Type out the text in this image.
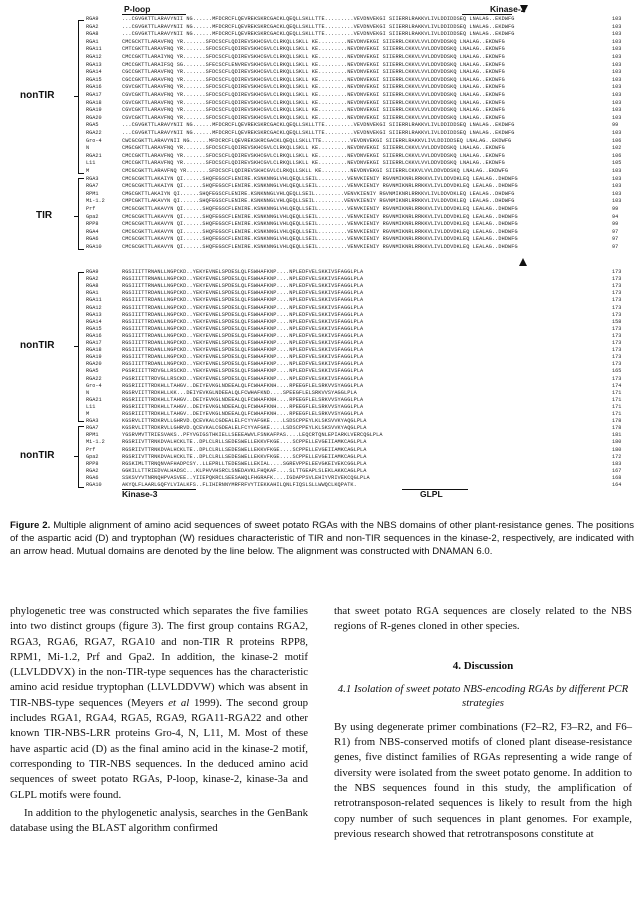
P-loop	Kinase-2
RGA9	...CGVGKTTLARAVYNII NG......MFDCRCFLQEVREKSKRCGACKLQEQLLSKLLTTE.........VEVDNVEKGI SIIERRLRAKKVLIVLDDIDDSEQ LNALAG..EKDWFG	103
RGA2	...CGVGKTTLARAVYNII NG......MFDCRCFLQEVREKSKRCGACKLQEQLLSKLLTTE.........VEVDNVEKGI SIIERRLRAKKVLIVLDDIDDSEQ LNALAG..EKDWFG	103
RGA8	...CGVGKTTLARAVYNII NG......MFDCRCFLQEVREKSKRCGACKLQEQLLSKLLTTE.........VEVDNVEKGI SIIERRLRAKKVLIVLDDIDDSEQ LNALAG..EKDWFG	103
RGA1	CMCGCKTTLARAVFNQ YR.......SFDCSCFLQDIREVSKHCGVLCLRKQLLSKLL KE.........NEVDNVEKGI SIIERRLCKKVLVVLDDVDDSKQ LNALAG..EKDWFG	103
RGA11	CMTCGKTTLARAVFNQ YR.......SFDCSCFLQDIREVSKHCGVLCLRKQLLSKLL KE.........NEVDNVEKGI SIIERRLCKKVLVVLDDVDDSKQ LNALAG..EKDWFG	103
RGA12	CMCCGKTTLARAIYNQ YR.......SFDCSCFLQDIREVSKHCGVLCLRKQLLSKLL KE.........NEVDNVEKGI SIIERRLCKKVLVVLDDVDDSKQ LNALAG..EKDWFG	103
RGA13	CMCCGKTTLARAIFSQ SG.......SFECSCFLENVREVSKHCGVLCLRKQLLSKLL KE.........NEVDNVEKGI SIIERRLCKKVLVVLDDVDDSKQ LNALAG..EKDWFG	103
RGA14	CGCCGKTTLARAVFNQ YR.......SFDCSCFLQDIREVSKHCGVLCLRKQLLSKLL KE.........NEVDNVEKGI SIIERRLCKKVLVVLDDVDDSKQ LNALAG..EKDWFG	103
RGA15	CGCCGKTTLARAVFNQ YR.......SFDCSCFLQDIREVSKHCGVLCLRKQLLSKLL KE.........NEVDNVEKGI SIIERRLCKKVLVVLDDVDDSKQ LNALAG..EKDWFG	103
RGA16	CGVCGKTTLARAVFNQ YR.......SFDCSCFLQDIREVSKHCGVLCLRKQLLSKLL KE.........NEVDNVEKGI SIIERRLCKKVLVVLDDVDDSKQ LNALAG..EKDWFG	103
RGA17	CGVCGKTTLARAVFNQ YR.......SFDCSCFLQDIREVSKHCGVLCLRKQLLSKLL KE.........NEVDNVEKGI SIIERRLCKKVLVVLDDVDDSKQ LNALAG..EKDWFG	103
RGA18	CGVCGKTTLARAVFNQ YR.......SFDCSCFLQDIREVSKHCGVLCLRKQLLSKLL KE.........NEVDNVEKGI SIIERRLCKKVLVVLDDVDDSKQ LNALAG..EKDWFG	103
RGA19	CGVCGKTTLARAVFNQ YR.......SFDCSCFLQDIREVSKHCGVLCLRKQLLSKLL KE.........NEVDNVEKGI SIIERRLCKKVLVVLDDVDDSKQ LNALAG..EKDWFG	103
RGA20	CGVCGKTTLARAVFNQ YR.......SFDCSCFLQDIREVSKHCGVLCLRKQLLSKLL KE.........NEVDNVEKGI SIIERRLCKKVLVVLDDVDDSKQ LNALAG..EKDWFG	103
RGA5	...CGVGKTTLARAVYNII NG......MFDCRCFLQEVREKSKRCGACKLQEQLLSKLLTTE.........VEVDNVEKGI SIIERRLRAKKVLIVLDDIDDSEQ LNALAG..EKDWFG	99
RGA22	...CGVGKTTLARAVYNII NG......MFDCRCFLQEVREKSKRCGACKLQEQLLSKLLTTE.........VEVDNVEKGI SIIERRLRAKKVLIVLDDIDDSEQ LNALAG..EKDWFG	103
Gro-4	CWCGCGKTTLARAVYNII NG......MFDCRCFLQEVREKSKRCGACKLQEQLLSKLLTTE.........VEVDNVEKGI SIIERRLRAKKVLIVLDDIDDSEQ LNALAG..EKDWFG	106
N	CMGCGKTTLARAVFNQ YR.......SFDCSCFLQDIREVSKHCGVLCLRKQLLSKLL KE.........NEVDNVEKGI SIIERRLCKKVLVVLDDVDDSKQ LNALAG..EKDWFG	102
RGA21	CMCCGKTTLARAVFNQ YR.......SFDCSCFLQDIREVSKHCGVLCLRKQLLSKLL KE.........NEVDNVEKGI SIIERRLCKKVLVVLDDVDDSKQ LNALAG..EKDWFG	106
L11	CMCCGKTTLARAVFNQ YR.......SFDCSCFLQDIREVSKHCGVLCLRKQLLSKLL KE.........NEVDNVEKGI SIIERRLCKKVLVVLDDVDDSKQ LNALAG..EKDWFG	105
M	CMCGCGKTTLARAVFNQ YR.......SFDCSCFLQDIREVSKHCGVLCLRKQLLSKLL KE.........NEVDNVEKGI SIIERRLCKKVLVVLDDVDDSKQ LNALAG..EKDWFG	103
RGA3	CMCGCGKTTLAKAIYN QI......SHQFEGSCFLENIRE.KSNKNNGLVHLQEQLLSEIL.........VENVKIENIY RGVNMIKNRLRRKKVLIVLDDVDKLEQ LEALAG..DHDWFG	103
RGA7	CMCGCGKTTLAKAIYN QI......SHQFEGSCFLENIRE.KSNKNNGLVHLQEQLLSEIL.........VENVKIENIY RGVNMIKNRLRRKKVLIVLDDVDKLEQ LEALAG..DHDWFG	103
RPM1	CMGCGKTTLAKAIYN QI......SHQFEGSCFLENIRE.KSNKNNGLVHLQEQLLSEIL.........VENVKIENIY RGVNMIKNRLRRKKVLIVLDDVDKLEQ LEALAG..DHDWFG	103
Mi-1.2	CMPCGKTTLAKAVYN QI......SHQFEGSCFLENIRE.KSNKNNGLVHLQEQLLSEIL.........VENVKIENIY RGVNMIKNRLRRKKVLIVLDDVDKLEQ LEALAG..DHDWFG	103
Prf	CMCGCGKTTLAKAVYN QI......SHQFEGSCFLENIRE.KSNKNNGLVHLQEQLLSEIL.........VENVKIENIY RGVNMIKNRLRRKKVLIVLDDVDKLEQ LEALAG..DHDWFG	99
Gpa2	CMCGCGKTTLAKAVYN QI......SHQFEGSCFLENIRE.KSNKNNGLVHLQEQLLSEIL.........VENVKIENIY RGVNMIKNRLRRKKVLIVLDDVDKLEQ LEALAG..DHDWFG	94
RPP8	CMCGCGKTTLAKAVYN QI......SHQFEGSCFLENIRE.KSNKNNGLVHLQEQLLSEIL.........VENVKIENIY RGVNMIKNRLRRKKVLIVLDDVDKLEQ LEALAG..DHDWFG	99
RGA4	CMCGCGKTTLAKAVYN QI......SHQFEGSCFLENIRE.KSNKNNGLVHLQEQLLSEIL.........VENVKIENIY RGVNMIKNRLRRKKVLIVLDDVDKLEQ LEALAG..DHDWFG	97
RGA6	CMCGCGKTTLAKAVYN QI......SHQFEGSCFLENIRE.KSNKNNGLVHLQEQLLSEIL.........VENVKIENIY RGVNMIKNRLRRKKVLIVLDDVDKLEQ LEALAG..DHDWFG	97
RGA10	CMCGCGKTTLAKAVYN QI......SHQFEGSCFLENIRE.KSNKNNGLVHLQEQLLSEIL.........VENVKIENIY RGVNMIKNRLRRKKVLIVLDDVDKLEQ LEALAG..DHDWFG	97
RGA9	RGSIIITTRNANLLNGPCKD..YEKYEVNELSPDESLQLFSWHAFKNP....NPLEDFVELSKKIVSFAGGLPLA	173
RGA2	RGSIIITTRNANLLNGPCKD..YEKYEVNELSPDESLQLFSWHAFKNP....NPLEDFVELSKKIVSFAGGLPLA	173
RGA8	RGSIIITTRNANLLNGPCKD..YEKYEVNELSPDESLQLFSWHAFKNP....NPLEDFVELSKKIVSFAGGLPLA	173
RGA1	RGSIIITTRDANLLNGPCKD..YEKYEVNELSPDESLQLFSWHAFKNP....NPLEDFVELSKKIVSFAGGLPLA	173
RGA11	RGSIIITTRDANLLNGPCKD..YEKYEVNELSPDESLQLFSWHAFKNP....NPLEDFVELSKKIVSFAGGLPLA	173
RGA12	RGSIIITTRDANLLNGPCKD..YEKYEVNELSPDESLQLFSWHAFKNP....NPLEDFVELSKKIVSFAGGLPLA	173
RGA13	RGSIIITTRDANLLNGPCKD..YEKYEVNELSPDESLQLFSWHAFKNP....NPLEDFVELSKKIVSFAGGLPLA	173
RGA14	RGSIIITTRDANLLNGPCKD..YEKYEVNELSPDESLQLFSWHAFKNP....NPLEDFVELSKKIVSFAGGLPLA	158
RGA15	RGSIIITTRDANLLNGPCKD..YEKYEVNELSPDESLQLFSWHAFKNP....NPLEDFVELSKKIVSFAGGLPLA	173
RGA16	RGSIIITTRDANLLNGPCKD..YEKYEVNELSPDESLQLFSWHAFKNP....NPLEDFVELSKKIVSFAGGLPLA	173
RGA17	RGSIIITTRDANLLNGPCKD..YEKYEVNELSPDESLQLFSWHAFKNP....NPLEDFVELSKKIVSFAGGLPLA	173
RGA18	RGSIIITTRDANLLNGPCKD..YEKYEVNELSPDESLQLFSWHAFKNP....NPLEDFVELSKKIVSFAGGLPLA	173
RGA19	RGSIIITTRDANLLNGPCKD..YEKYEVNELSPDESLQLFSWHAFKNP....NPLEDFVELSKKIVSFAGGLPLA	173
RGA20	RGSIIITTRDANLLNGPCKD..YEKYEVNELSPDESLQLFSWHAFKNP....NPLEDFVELSKKIVSFAGGLPLA	173
RGA5	PGSRIIITTRDVGLLRSCKD..YEKYEVNELSPDESLQLFSWHAFKNP....NPLEDFVELSKKIVSFAGGLPLA	165
RGA22	PGSRIIITTRDVGLLRSCKD..YEKYEVNELSPDESLQLFSWHAFKNP....NPLEDFVELSKKIVSFAGGLPLA	173
Gro-4	RGSRIIITTRDKHLLTAHGV..DEIYEVKGLNDEEALQLFCWHAFKNH....RPEEGFLELSRKVVSYAGGLPLA	174
N	RGSRVIITTRDKHLLKK...DEIYEVKGLNDEEALQLFCWHAFKND....SPEEGFLELSRKVVSYAGGLPLA	171
RGA21	RGSRIIITTRDKHLLTAHGV..DEIYEVKGLNDEEALQLFCWHAFKNH....RPEEGFLELSRKVVSYAGGLPLA	171
L11	RGSRIIITTRDKHLLTAHGV..DEIYEVKGLNDEEALQLFCWHAFKNH....RPEEGFLELSRKVVSYAGGLPLA	171
M	RGSRIIITTRDKHLLTAHGV..DEIYEVKGLNDEEALQLFCWHAFKNH....RPEEGFLELSRKVVSYAGGLPLA	171
RGA3	KGSRVLITTRDKRVLLGHRVD.QCEVKALCGDEALELFCYYAFGKE....LSDSCPPEYLKLSKSVVKYAQGLPLA	178
RGA7	KGSRVLITTRDKRVLLGHRVD.QCEVKALCGDEALELFCYYAFGKE....LSDSCPPEYLKLSKSVVKYAQGLPLA	178
RPM1	YGSRVMVTTRIESVAKS..PFYVGIGSTHKIELLSEEEAWVLFSNKAFPAS....LEQCRTQNLEPIARKLVERCQGLPLA	181
Mi-1.2	RGSRIIVTTRNKDVALHCKLTE..DPLCLRLLSEDESWELLEKKVFKGE....SCPPELLEVGEIIAMKCAGLPLA	180
Prf	RGSRIIVTTRNKDVALHCKLTE..DPLCLRLLSEDESWELLEKKVFKGE....SCPPELLEVGEIIAMKCAGLPLA	180
Gpa2	RGSRIIVTTRNKDVALHCKLTE..DPLCLRLLSEDESWELLEKKVFKGE....SCPPELLEVGEIIAMKCAGLPLA	172
RPP8	RGSKIMLTTRNQNVAFHADPCSY..LLEPRLLTEDESWELLEKIAL....SGREVPPELEEVGKEIVEKCGGLPLA	183
RGA2	GGKILLTTRIEDVALHADSC...KLPHVVHSRCLSNEDAVKLFHQKAF....SLTTGEAPLSLEKLAKKCAGLPLA	167
RGA6	SSKSVYVTNRNQHPVASVEE..YIIEPQKRCLSEESAWQLFHGRAFK....IGDAPPSVLEHIYVRIVEKCQGLPLA	168
RGA10	AKYQLFLAARLGQFYLVIALKFS..FLIHIRNNYMRFRFVYTIEKKAHILQNLFIQSLSLLWWQCLKQPATK.	164
Kinase-3	GLPL
nonTIR
TIR
nonTIR
nonTIR
Figure 2. Multiple alignment of amino acid sequences of sweet potato RGAs with the NBS domains of other plant-resistance genes. The positions of the aspartic acid (D) and tryptophan (W) residues characteristic of TIR and non-TIR sequences in the kinase-2, respectively, are indicated with an arrow head. Mutual domains are denoted by the line below. The alignment was constructed with DNAMAN 6.0.

phylogenetic tree was constructed which separates the five families into two distinct groups (figure 3). The first group contains RGA2, RGA3, RGA6, RGA7, RGA10 and non-TIR R proteins RPP8, RPM1, Mi-1.2, Prf and Gpa2. In addition, the kinase-2 motif (LLVLDDVX) in the non-TIR-type sequences has the characteristic amino acid residue tryptophan (LLVLDDVW) which was absent in TIR-NBS-type sequences (Meyers et al 1999). The second group includes RGA1, RGA4, RGA5, RGA9, RGA11-RGA22 and other known TIR-NBS-LRR proteins Gro-4, N, L11, M. Most of these have aspartic acid (D) as the final amino acid in the kinase-2 motif, corresponding to TIR-NBS sequences. In the deduced amino acid sequences of sweet potato RGAs, P-loop, kinase-2, kinase-3a and GLPL motifs were found.

In addition to the phylogenetic analysis, searches in the GenBank database using the BLAST algorithm confirmed

that sweet potato RGA sequences are closely related to the NBS regions of R-genes cloned in other species.

4. Discussion
4.1 Isolation of sweet potato NBS-encoding RGAs by different PCR strategies

By using degenerate primer combinations (F2–R2, F3–R2, and F6–R1) from NBS-conserved motifs of cloned plant disease-resistance genes, five distinct families of RGAs representing a wide range of diversity were isolated from the sweet potato genome. In addition to the NBS sequences found in this study, the amplification of retrotransposon-related sequences is likely to result from the high copy number of such sequences in plant genomes. For example, previous research showed that retrotransposons constitute at
